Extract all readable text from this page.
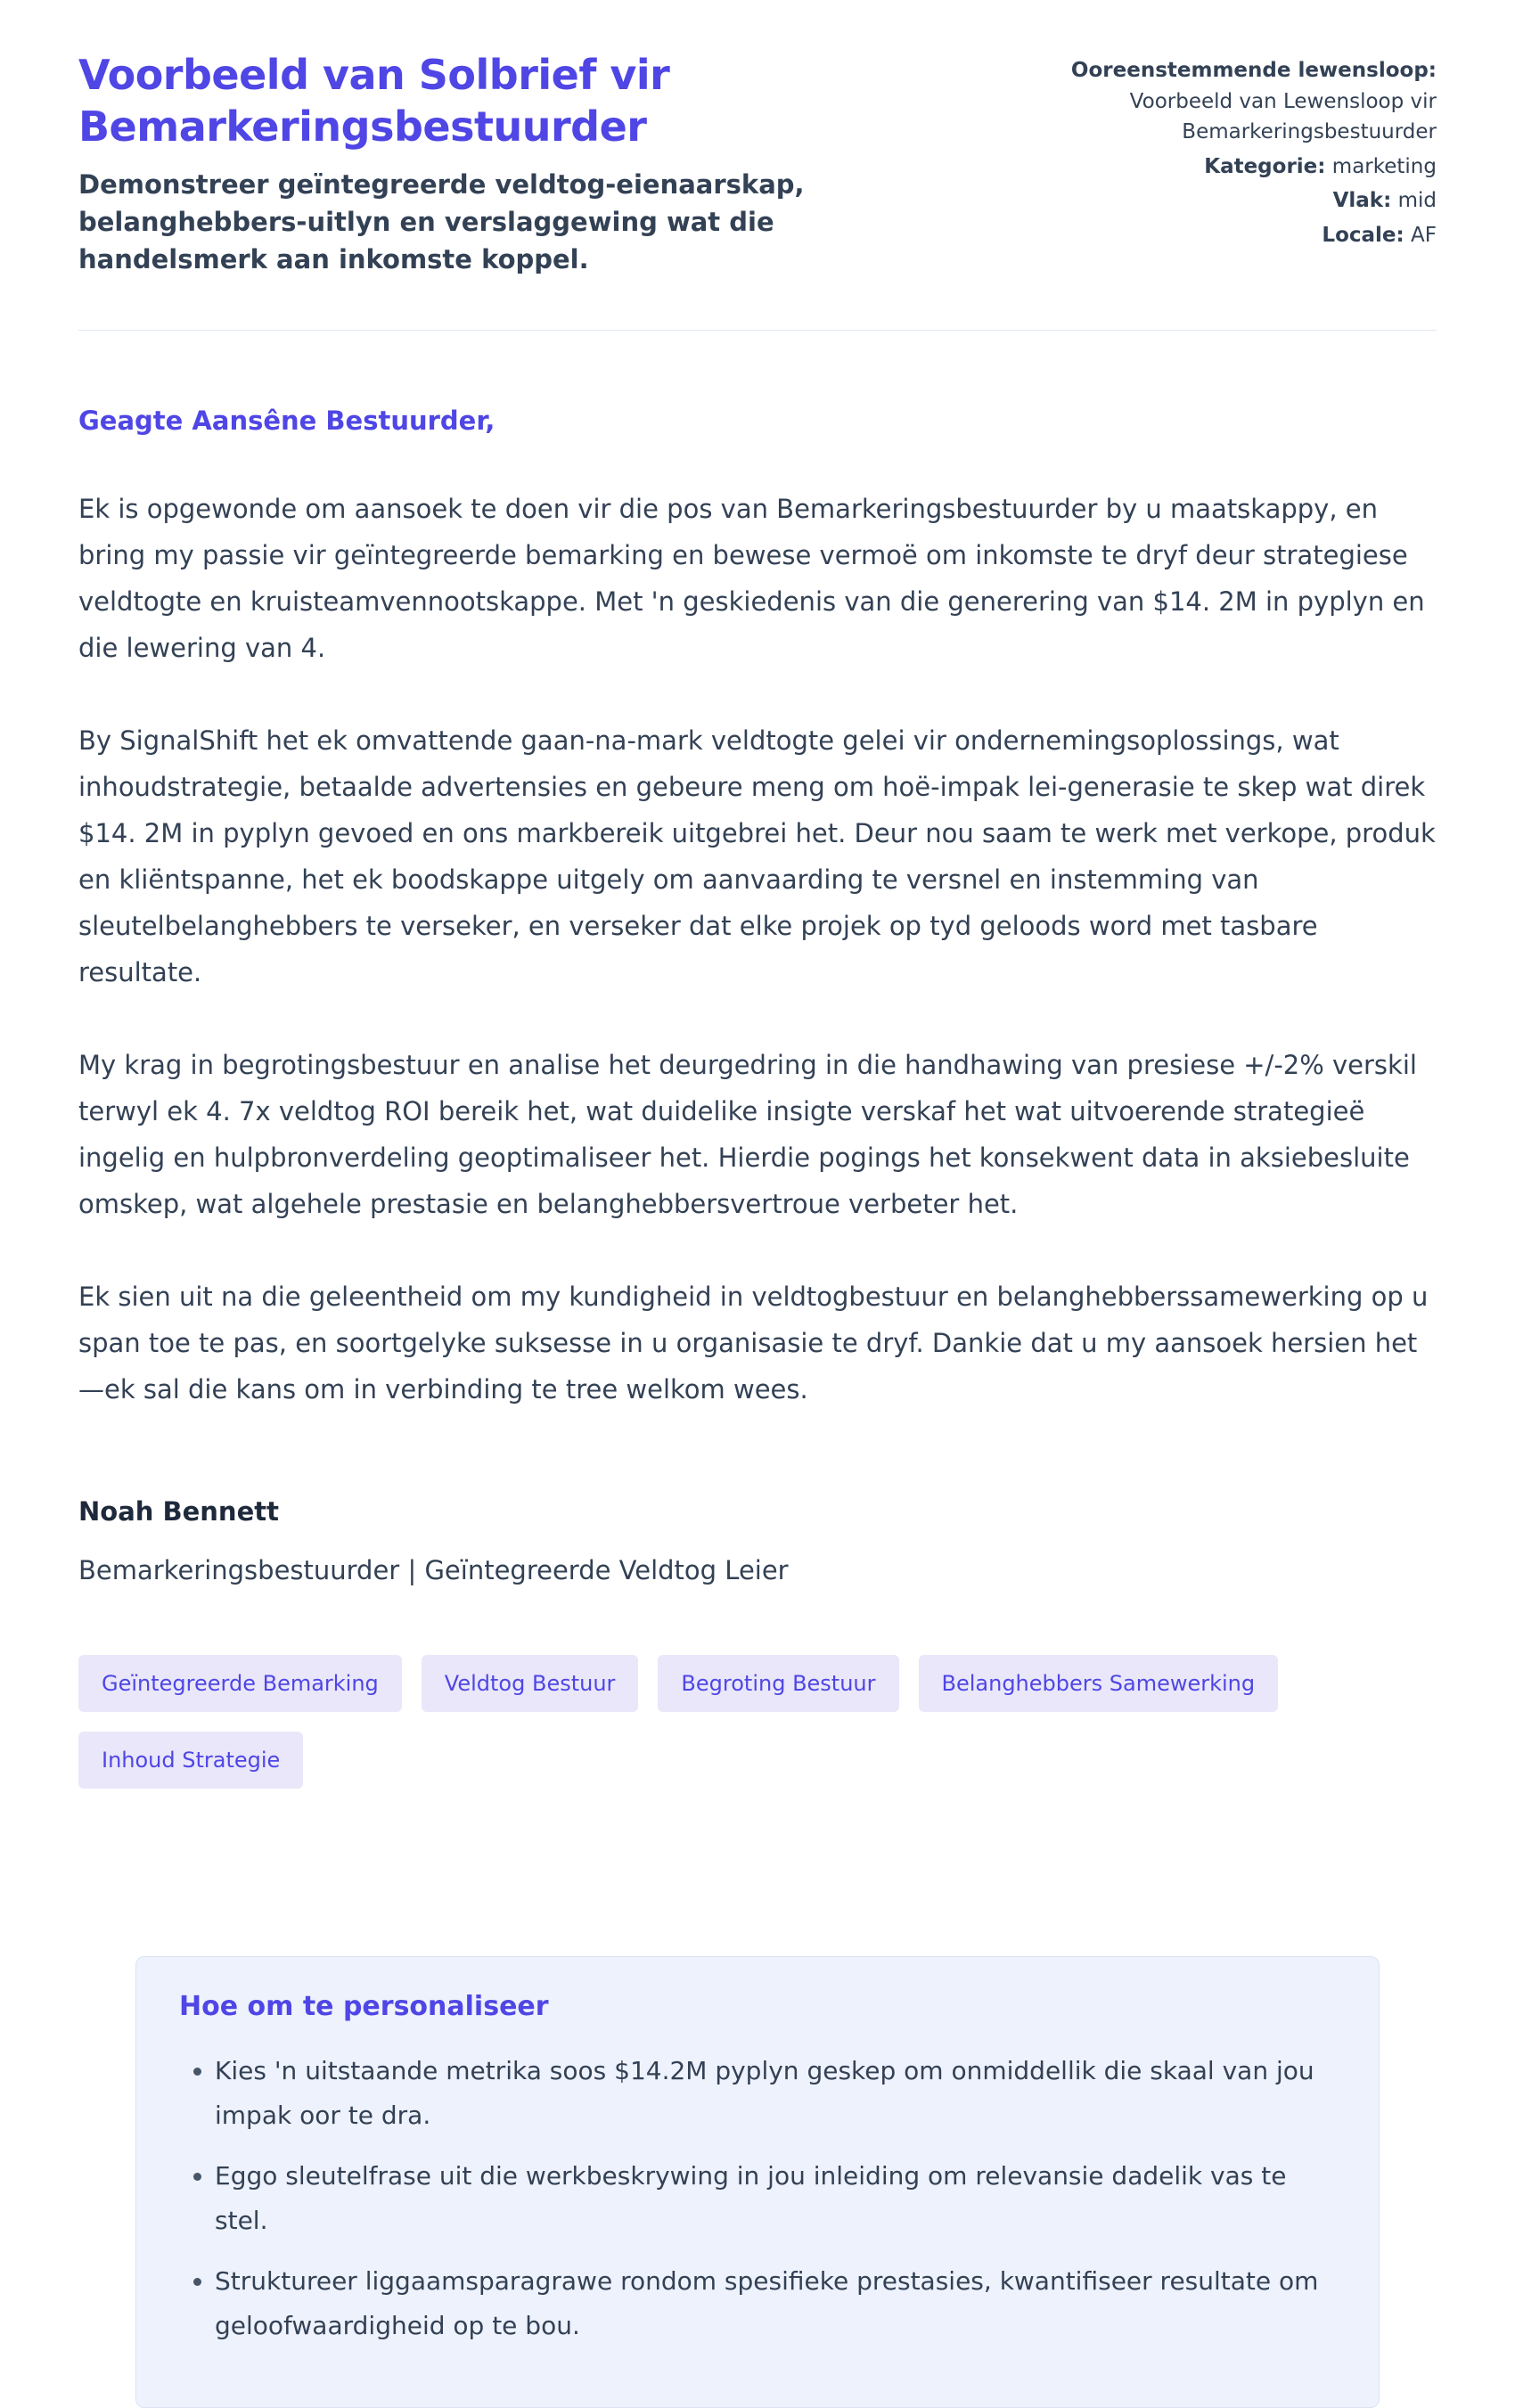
Voorbeeld van Solbrief vir Bemarkeringsbestuurder

Demonstreer geïntegreerde veldtog-eienaarskap, belanghebbers-uitlyn en verslaggewing wat die handelsmerk aan inkomste koppel.

Ooreenstemmende lewensloop:
Voorbeeld van Lewensloop vir Bemarkeringsbestuurder
Kategorie: marketing
Vlak: mid
Locale: AF

Geagte Aansêne Bestuurder,

Ek is opgewonde om aansoek te doen vir die pos van Bemarkeringsbestuurder by u maatskappy, en bring my passie vir geïntegreerde bemarking en bewese vermoë om inkomste te dryf deur strategiese veldtogte en kruisteamvennootskappe. Met 'n geskiedenis van die generering van $14. 2M in pyplyn en die lewering van 4.

By SignalShift het ek omvattende gaan-na-mark veldtogte gelei vir ondernemingsoplossings, wat inhoudstrategie, betaalde advertensies en gebeure meng om hoë-impak lei-generasie te skep wat direk $14. 2M in pyplyn gevoed en ons markbereik uitgebrei het. Deur nou saam te werk met verkope, produk en kliëntspanne, het ek boodskappe uitgely om aanvaarding te versnel en instemming van sleutelbelanghebbers te verseker, en verseker dat elke projek op tyd geloods word met tasbare resultate.

My krag in begrotingsbestuur en analise het deurgedring in die handhawing van presiese +/-2% verskil terwyl ek 4. 7x veldtog ROI bereik het, wat duidelike insigte verskaf het wat uitvoerende strategieë ingelig en hulpbronverdeling geoptimaliseer het. Hierdie pogings het konsekwent data in aksiebesluite omskep, wat algehele prestasie en belanghebbersvertroue verbeter het.

Ek sien uit na die geleentheid om my kundigheid in veldtogbestuur en belanghebberssamewerking op u span toe te pas, en soortgelyke suksesse in u organisasie te dryf. Dankie dat u my aansoek hersien het—ek sal die kans om in verbinding te tree welkom wees.

Noah Bennett

Bemarkeringsbestuurder | Geïntegreerde Veldtog Leier

Geïntegreerde Bemarking	Veldtog Bestuur	Begroting Bestuur	Belanghebbers Samewerking
Inhoud Strategie
Hoe om te personaliseer
• Kies 'n uitstaande metrika soos $14.2M pyplyn geskep om onmiddellik die skaal van jou impak oor te dra.
• Eggo sleutelfrase uit die werkbeskrywing in jou inleiding om relevansie dadelik vas te stel.
• Struktureer liggaamsparagrawe rondom spesifieke prestasies, kwantifiseer resultate om geloofwaardigheid op te bou.
